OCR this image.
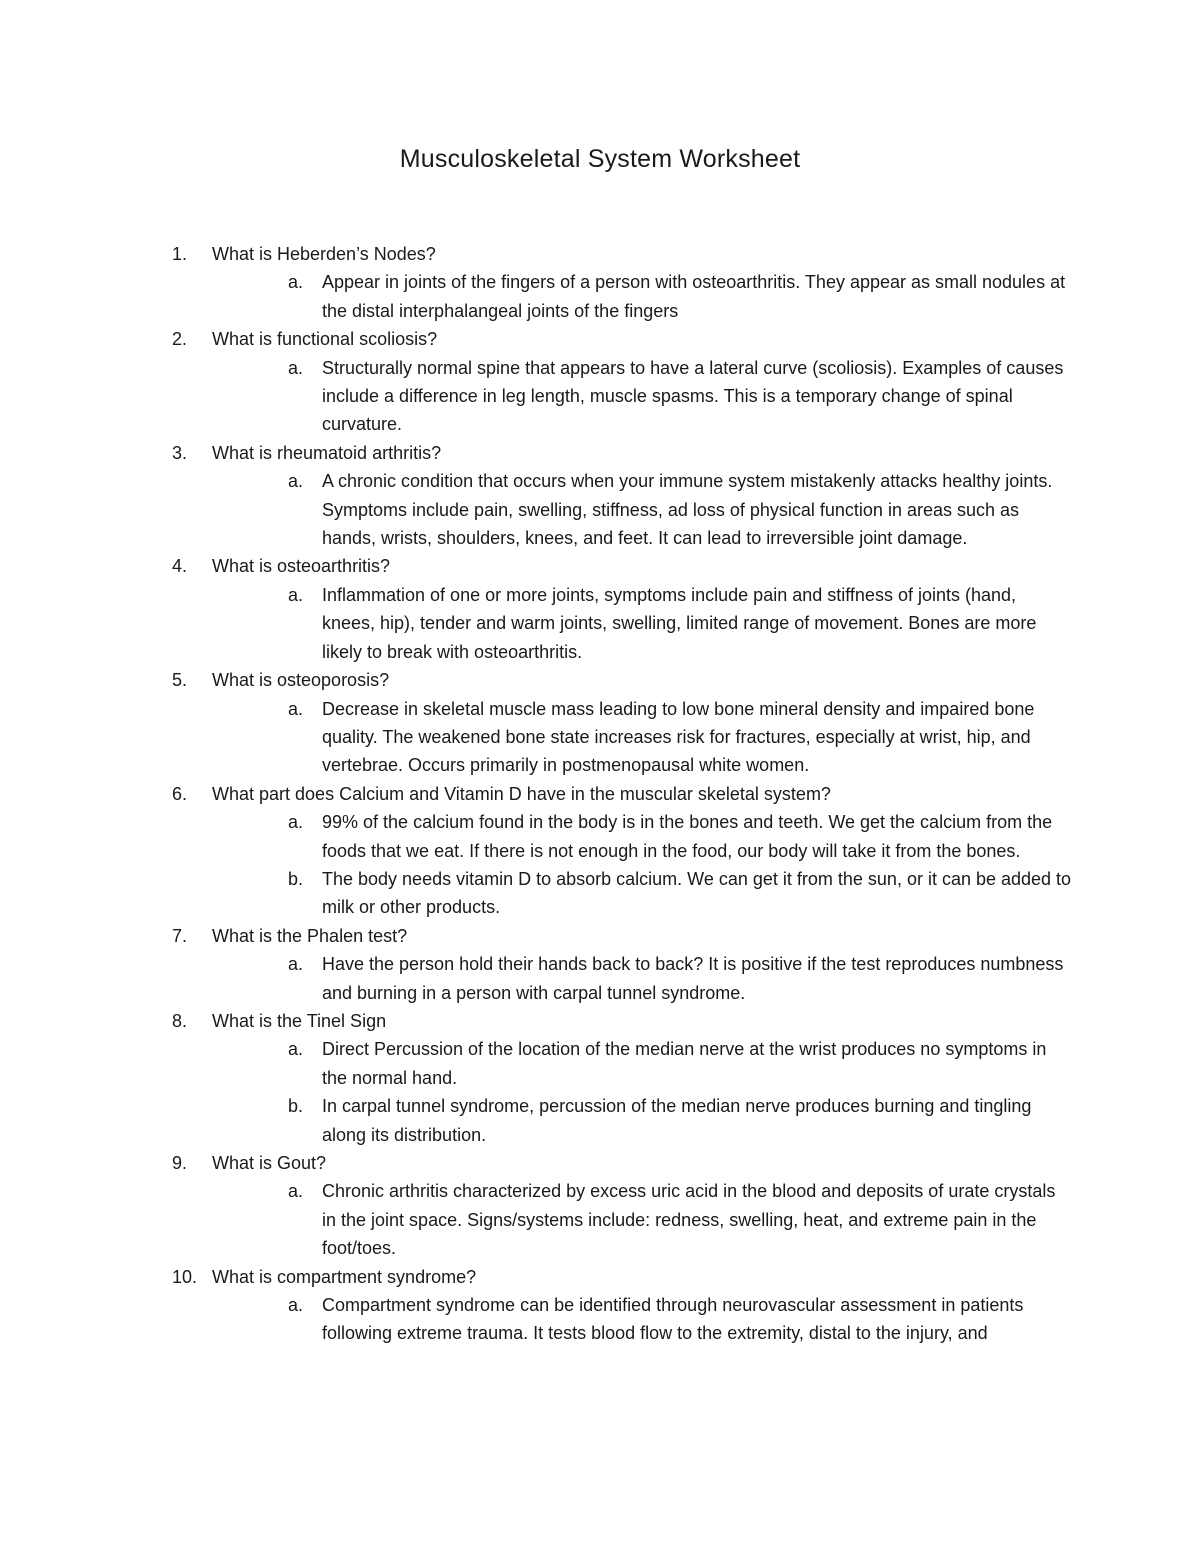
Musculoskeletal System Worksheet
1. What is Heberden’s Nodes?
a. Appear in joints of the fingers of a person with osteoarthritis. They appear as small nodules at the distal interphalangeal joints of the fingers
2. What is functional scoliosis?
a. Structurally normal spine that appears to have a lateral curve (scoliosis). Examples of causes include a difference in leg length, muscle spasms. This is a temporary change of spinal curvature.
3. What is rheumatoid arthritis?
a. A chronic condition that occurs when your immune system mistakenly attacks healthy joints. Symptoms include pain, swelling, stiffness, ad loss of physical function in areas such as hands, wrists, shoulders, knees, and feet. It can lead to irreversible joint damage.
4. What is osteoarthritis?
a. Inflammation of one or more joints, symptoms include pain and stiffness of joints (hand, knees, hip), tender and warm joints, swelling, limited range of movement. Bones are more likely to break with osteoarthritis.
5. What is osteoporosis?
a. Decrease in skeletal muscle mass leading to low bone mineral density and impaired bone quality. The weakened bone state increases risk for fractures, especially at wrist, hip, and vertebrae. Occurs primarily in postmenopausal white women.
6. What part does Calcium and Vitamin D have in the muscular skeletal system?
a. 99% of the calcium found in the body is in the bones and teeth. We get the calcium from the foods that we eat. If there is not enough in the food, our body will take it from the bones.
b. The body needs vitamin D to absorb calcium. We can get it from the sun, or it can be added to milk or other products.
7. What is the Phalen test?
a. Have the person hold their hands back to back? It is positive if the test reproduces numbness and burning in a person with carpal tunnel syndrome.
8. What is the Tinel Sign
a. Direct Percussion of the location of the median nerve at the wrist produces no symptoms in the normal hand.
b. In carpal tunnel syndrome, percussion of the median nerve produces burning and tingling along its distribution.
9. What is Gout?
a. Chronic arthritis characterized by excess uric acid in the blood and deposits of urate crystals in the joint space. Signs/systems include: redness, swelling, heat, and extreme pain in the foot/toes.
10. What is compartment syndrome?
a. Compartment syndrome can be identified through neurovascular assessment in patients following extreme trauma. It tests blood flow to the extremity, distal to the injury, and
